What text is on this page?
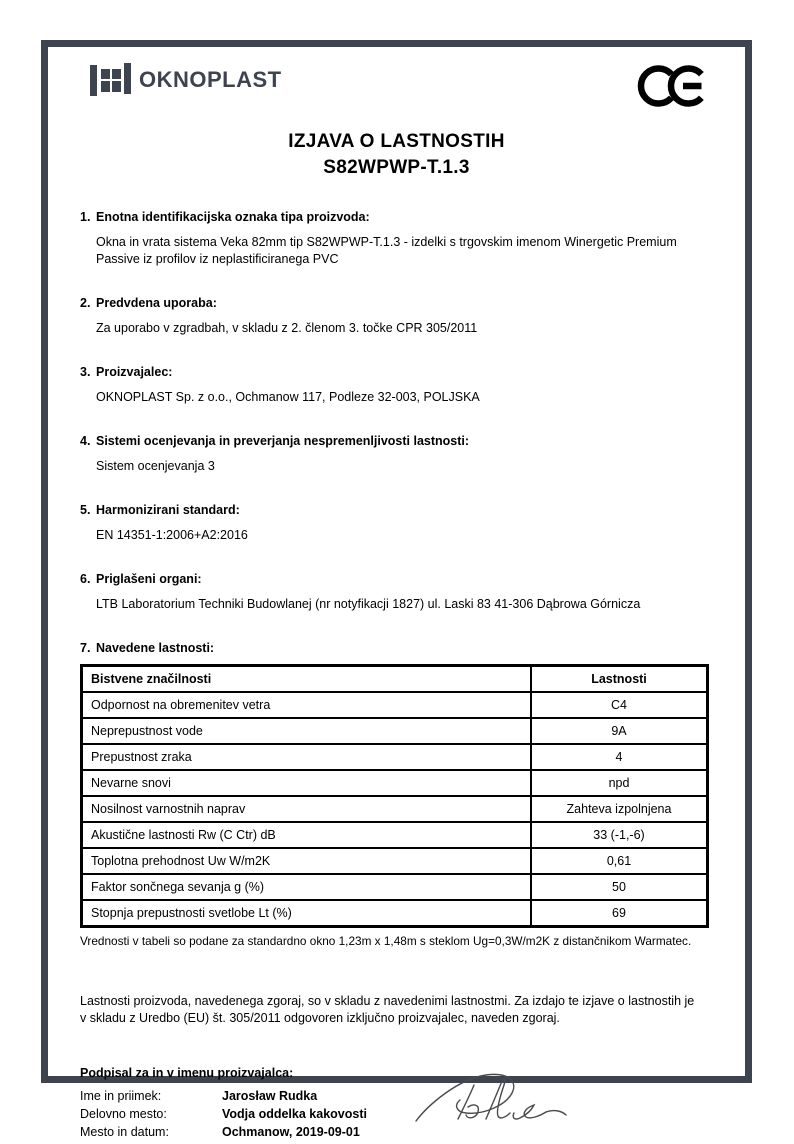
OKNOPLAST
IZJAVA O LASTNOSTIH
S82WPWP-T.1.3
1. Enotna identifikacijska oznaka tipa proizvoda:
Okna in vrata sistema Veka 82mm tip S82WPWP-T.1.3 - izdelki s trgovskim imenom Winergetic Premium Passive iz profilov iz neplastificiranega PVC
2. Predvdena uporaba:
Za uporabo v zgradbah, v skladu z 2. členom 3. točke CPR 305/2011
3. Proizvajalec:
OKNOPLAST Sp. z o.o., Ochmanow 117, Podleze 32-003, POLJSKA
4. Sistemi ocenjevanja in preverjanja nespremenljivosti lastnosti:
Sistem ocenjevanja 3
5. Harmonizirani standard:
EN 14351-1:2006+A2:2016
6. Priglašeni organi:
LTB Laboratorium Techniki Budowlanej (nr notyfikacji 1827) ul. Laski 83 41-306 Dąbrowa Górnicza
7. Navedene lastnosti:
Bistvene značilnosti	Lastnosti
Odpornost na obremenitev vetra	C4
Neprepustnost vode	9A
Prepustnost zraka	4
Nevarne snovi	npd
Nosilnost varnostnih naprav	Zahteva izpolnjena
Akustične lastnosti Rw (C Ctr) dB	33 (-1,-6)
Toplotna prehodnost Uw W/m2K	0,61
Faktor sončnega sevanja g (%)	50
Stopnja prepustnosti svetlobe Lt (%)	69
Vrednosti v tabeli so podane za standardno okno 1,23m x 1,48m s steklom Ug=0,3W/m2K z distančnikom Warmatec.
Lastnosti proizvoda, navedenega zgoraj, so v skladu z navedenimi lastnostmi. Za izdajo te izjave o lastnostih je v skladu z Uredbo (EU) št. 305/2011 odgovoren izključno proizvajalec, naveden zgoraj.
Podpisal za in v imenu proizvajalca:
Ime in priimek:	Jarosław Rudka
Delovno mesto:	Vodja oddelka kakovosti
Mesto in datum:	Ochmanow, 2019-09-01
